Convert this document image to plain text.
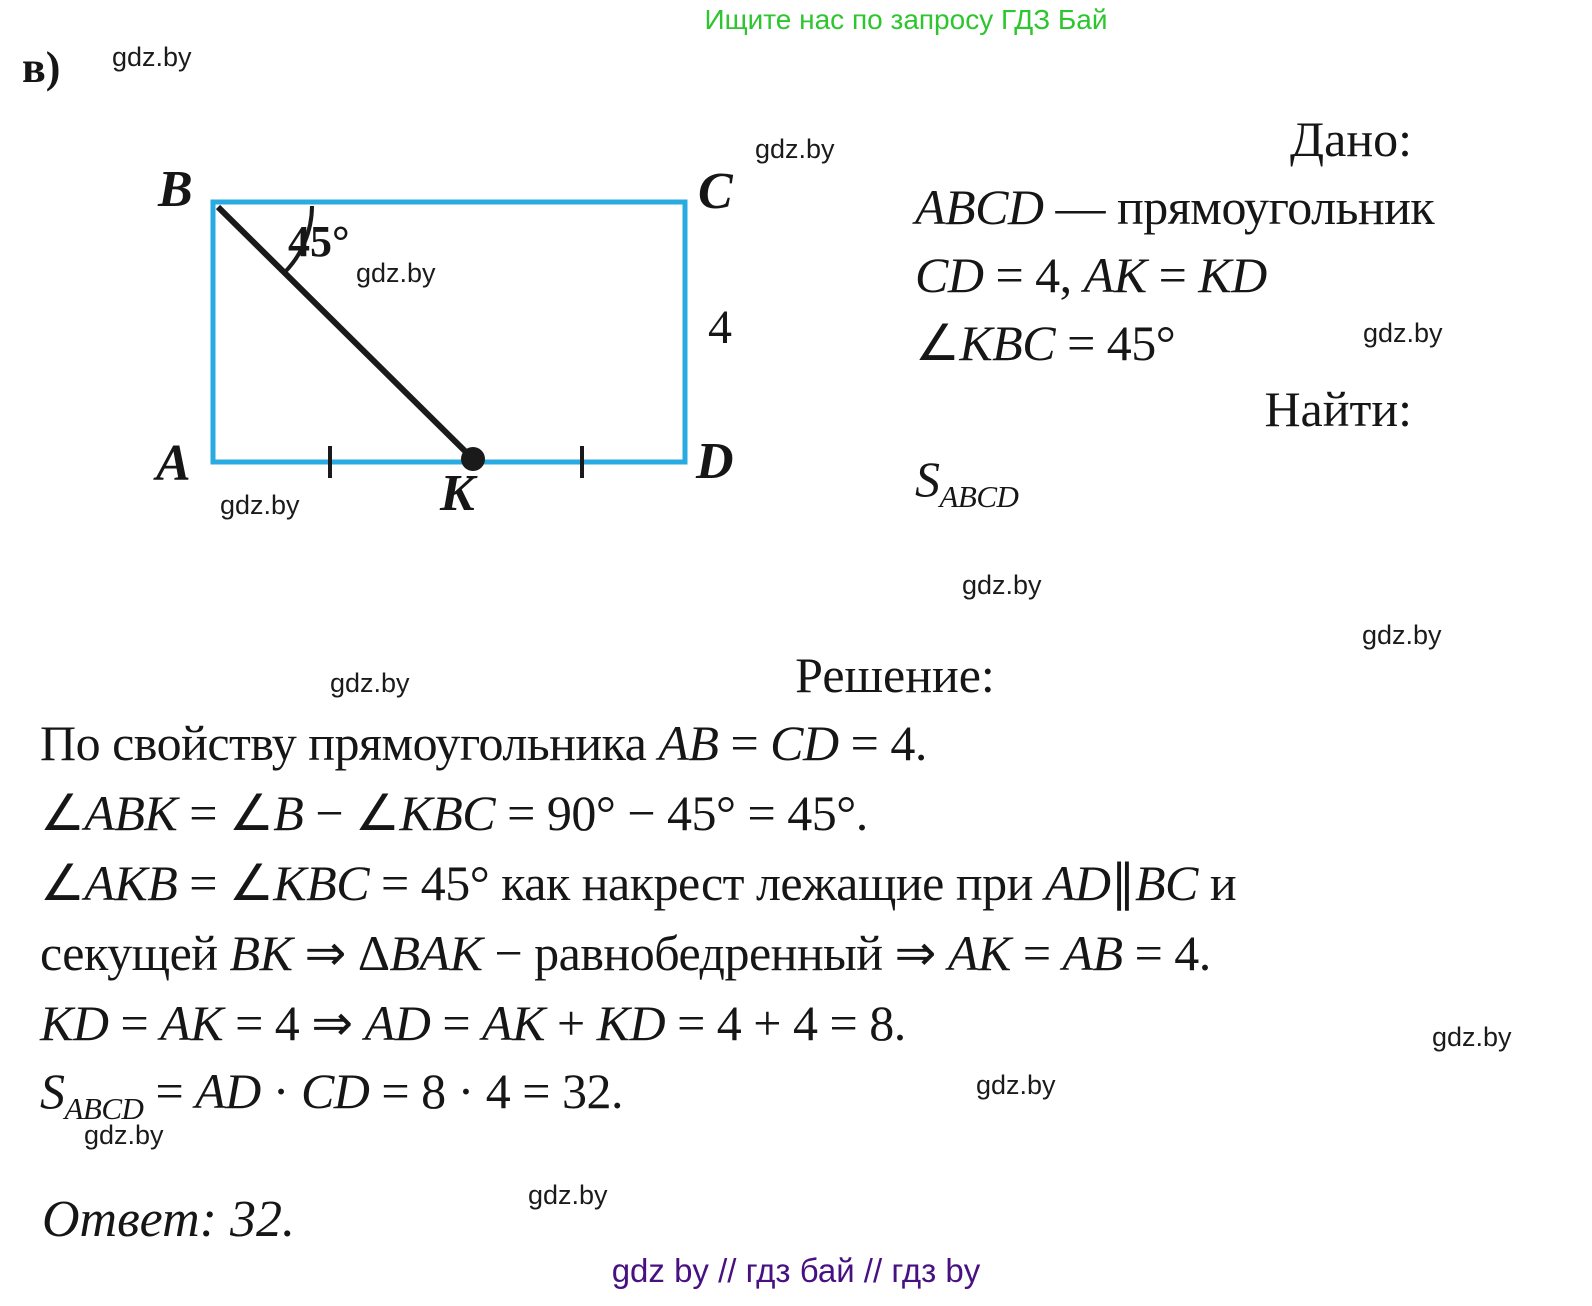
Ищите нас по запросу ГДЗ Бай
в) gdz.by
gdz.by
gdz.by
gdz.by
gdz.by
gdz.by
gdz.by
gdz.by
gdz.by
gdz.by
gdz.by
gdz.by
B	C
A	D
K
45°
4
Дано:
ABCD — прямоугольник
CD = 4, AK = KD
∠KBC = 45°
Найти:
$S_{ABCD}$
Решение:
По свойству прямоугольника AB = CD = 4.
∠ABK = ∠B − ∠KBC = 90° − 45° = 45°.
∠AKB = ∠KBC = 45° как накрест лежащие при AD∥BC и
секущей BK ⇒ ΔBAK − равнобедренный ⇒ AK = AB = 4.
KD = AK = 4 ⇒ AD = AK + KD = 4 + 4 = 8.
$S_{ABCD}$ = AD · CD = 8 · 4 = 32.
Ответ: 32.
gdz by // гдз бай // гдз by
